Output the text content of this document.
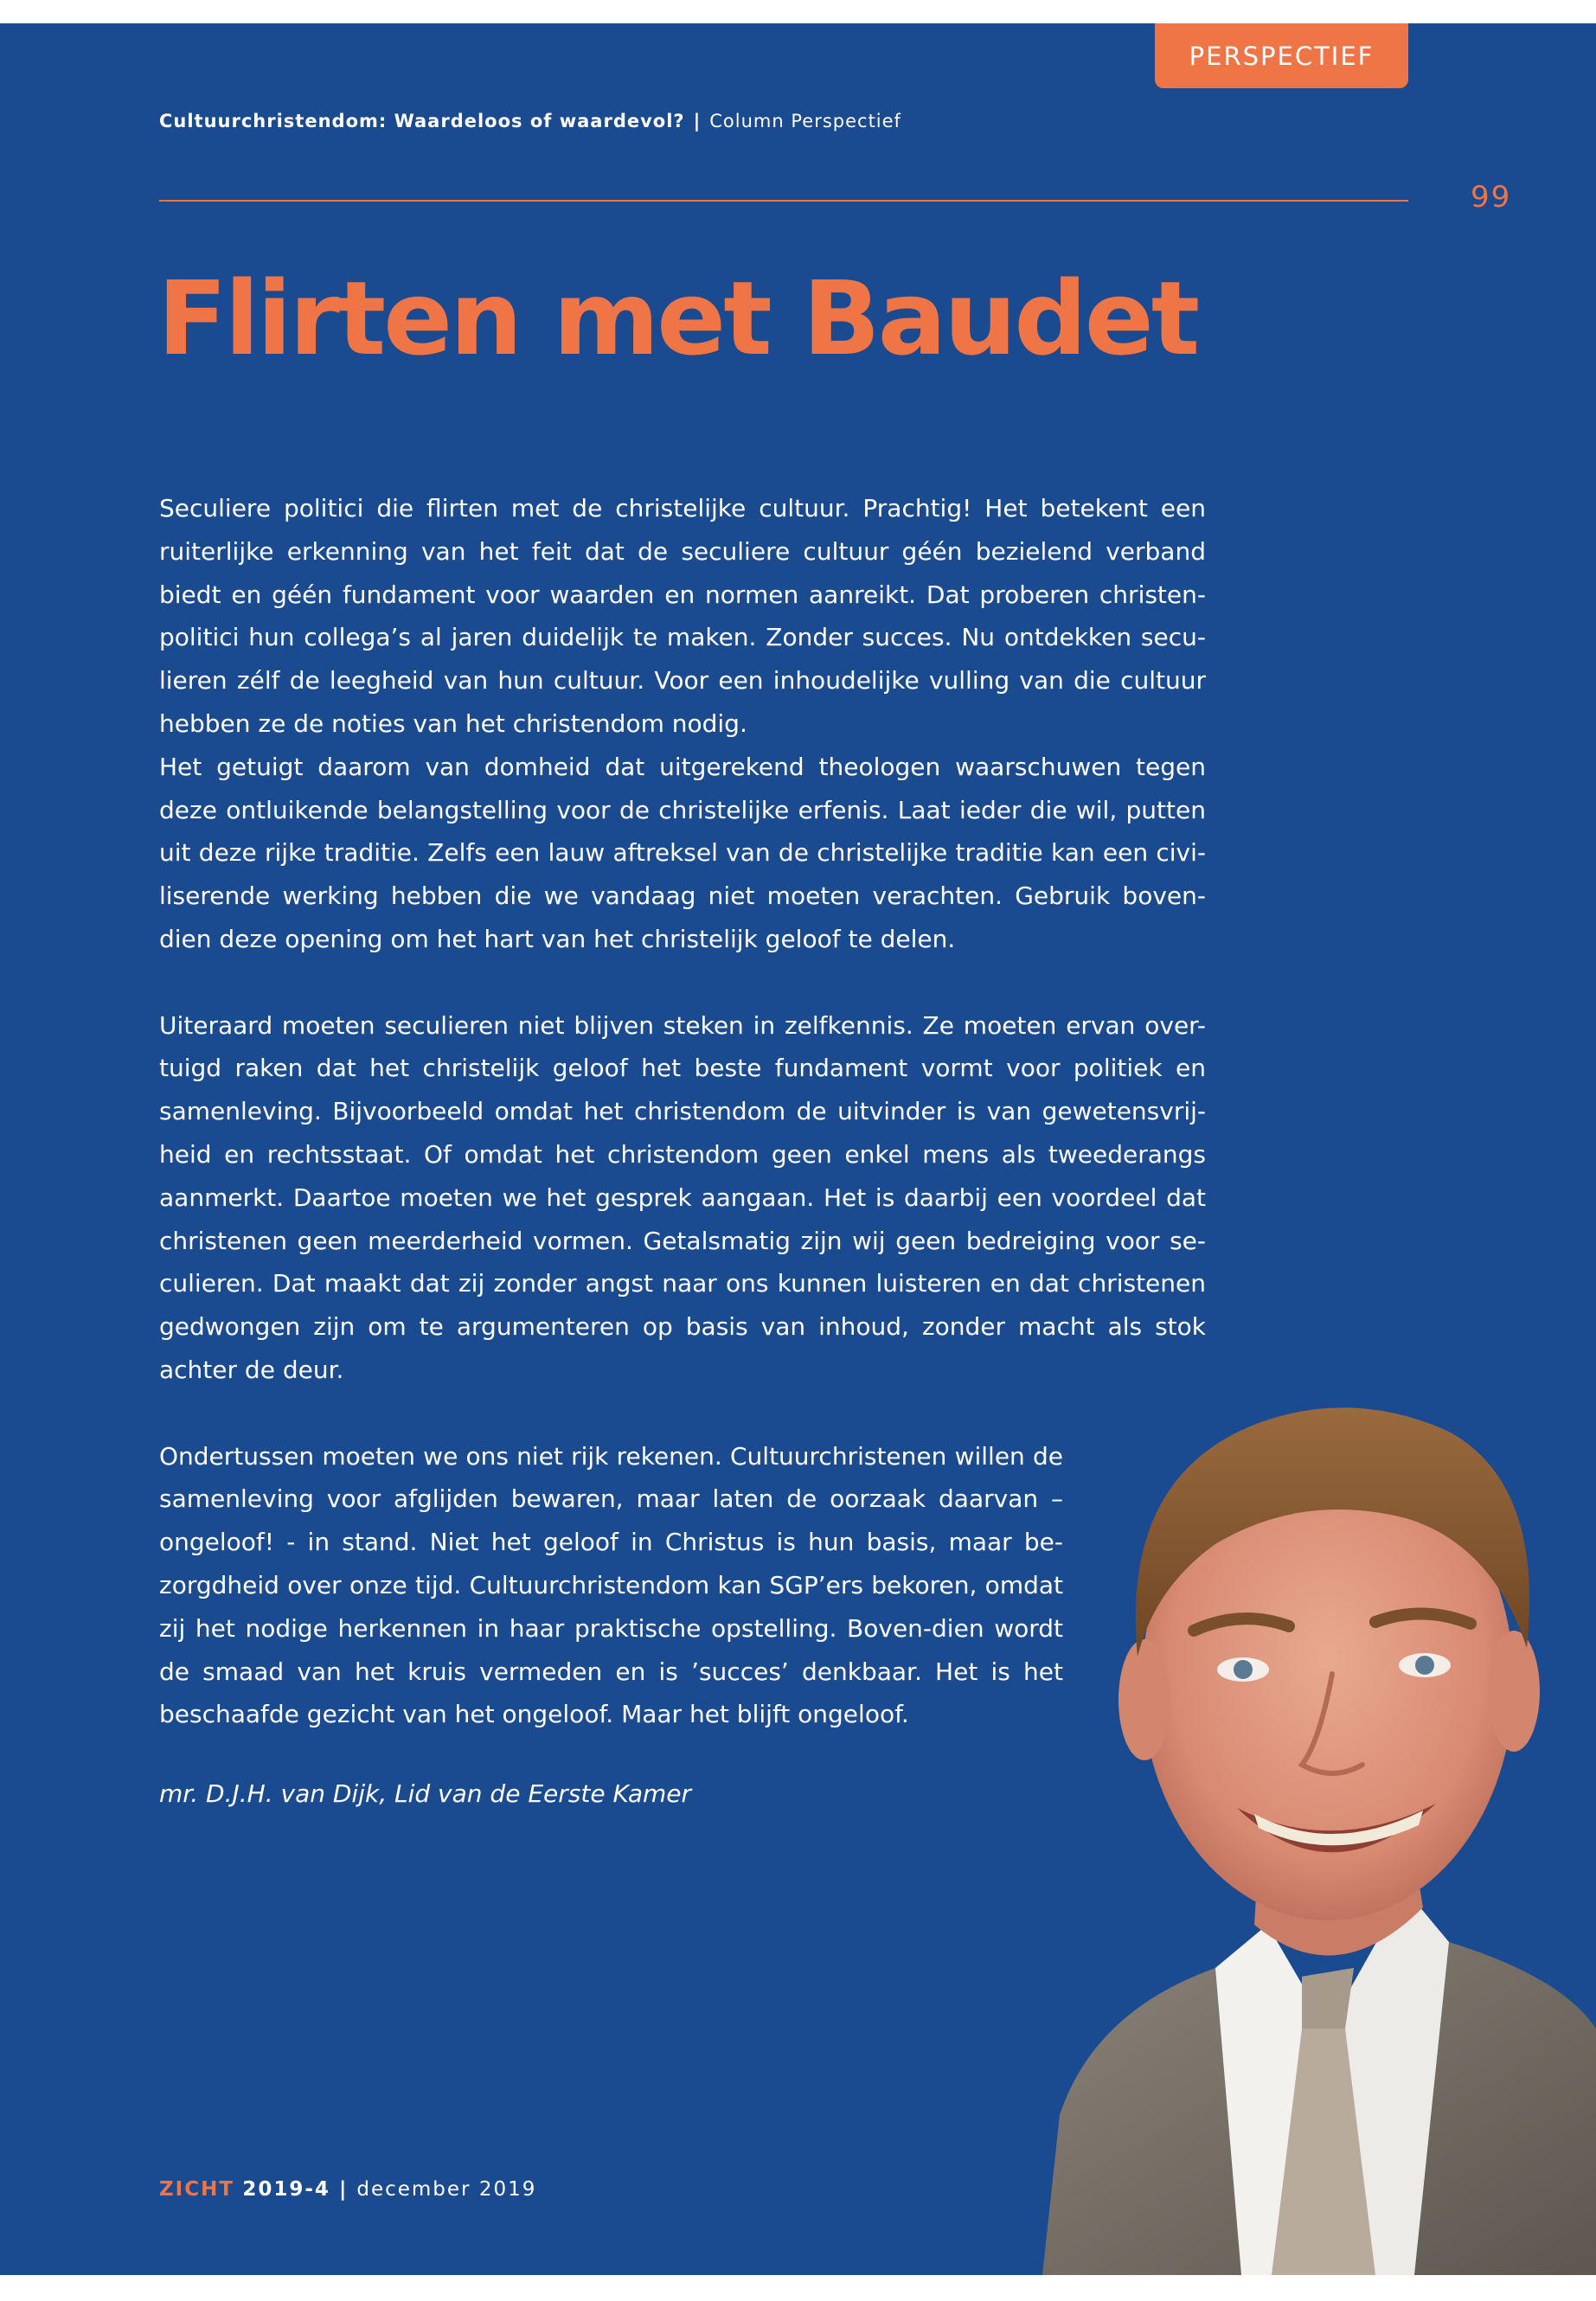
PERSPECTIEF
Cultuurchristendom: Waardeloos of waardevol? | Column Perspectief
99
Flirten met Baudet

Seculiere politici die flirten met de christelijke cultuur. Prachtig! Het betekent een ruiterlijke erkenning van het feit dat de seculiere cultuur géén bezielend verband biedt en géén fundament voor waarden en normen aanreikt. Dat proberen christen-politici hun collega’s al jaren duidelijk te maken. Zonder succes. Nu ontdekken secu-lieren zélf de leegheid van hun cultuur. Voor een inhoudelijke vulling van die cultuur hebben ze de noties van het christendom nodig.

Het getuigt daarom van domheid dat uitgerekend theologen waarschuwen tegen deze ontluikende belangstelling voor de christelijke erfenis. Laat ieder die wil, putten uit deze rijke traditie. Zelfs een lauw aftreksel van de christelijke traditie kan een civi-liserende werking hebben die we vandaag niet moeten verachten. Gebruik boven-dien deze opening om het hart van het christelijk geloof te delen.

Uiteraard moeten seculieren niet blijven steken in zelfkennis. Ze moeten ervan over-tuigd raken dat het christelijk geloof het beste fundament vormt voor politiek en samenleving. Bijvoorbeeld omdat het christendom de uitvinder is van gewetensvrij-heid en rechtsstaat. Of omdat het christendom geen enkel mens als tweederangs aanmerkt. Daartoe moeten we het gesprek aangaan. Het is daarbij een voordeel dat christenen geen meerderheid vormen. Getalsmatig zijn wij geen bedreiging voor se-culieren. Dat maakt dat zij zonder angst naar ons kunnen luisteren en dat christenen gedwongen zijn om te argumenteren op basis van inhoud, zonder macht als stok achter de deur.

Ondertussen moeten we ons niet rijk rekenen. Cultuurchristenen willen de samenleving voor afglijden bewaren, maar laten de oorzaak daarvan – ongeloof! - in stand. Niet het geloof in Christus is hun basis, maar be-zorgdheid over onze tijd. Cultuurchristendom kan SGP’ers bekoren, omdat zij het nodige herkennen in haar praktische opstelling. Boven-dien wordt de smaad van het kruis vermeden en is ’succes’ denkbaar. Het is het beschaafde gezicht van het ongeloof. Maar het blijft ongeloof.

mr. D.J.H. van Dijk, Lid van de Eerste Kamer
ZICHT 2019-4 | december 2019
